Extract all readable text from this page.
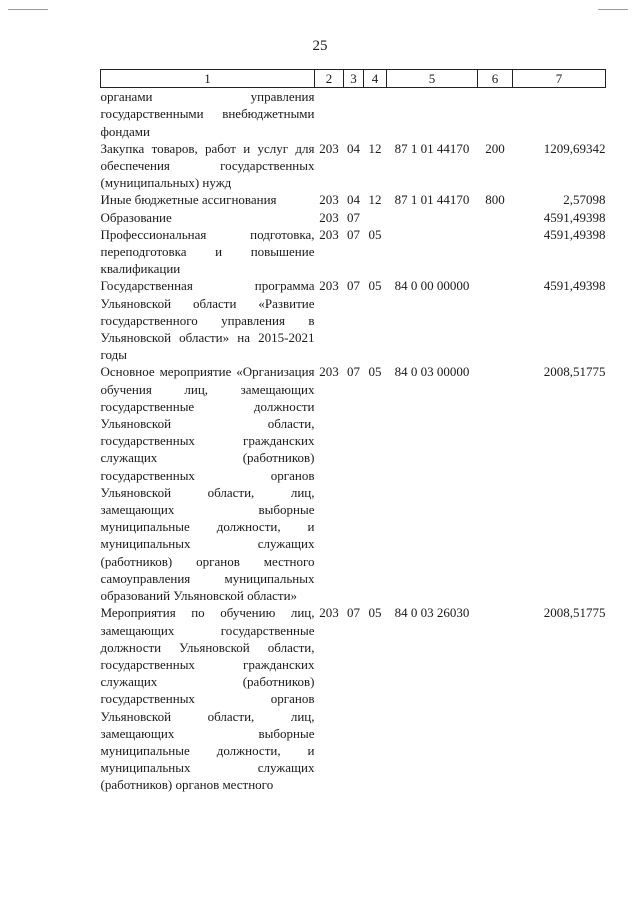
25
1	2	3	4	5	6	7
органами управления государственными внебюджетными фондами						
Закупка товаров, работ и услуг для обеспечения государственных (муниципальных) нужд	203	04	12	87 1 01 44170	200	1209,69342
Иные бюджетные ассигнования	203	04	12	87 1 01 44170	800	2,57098
Образование	203	07				4591,49398
Профессиональная подготовка, переподготовка и повышение квалификации	203	07	05			4591,49398
Государственная программа Ульяновской области «Развитие государственного управления в Ульяновской области» на 2015-2021 годы	203	07	05	84 0 00 00000		4591,49398
Основное мероприятие «Организация обучения лиц, замещающих государственные должности Ульяновской области, государственных гражданских служащих (работников) государственных органов Ульяновской области, лиц, замещающих выборные муниципальные должности, и муниципальных служащих (работников) органов местного самоуправления муниципальных образований Ульяновской области»	203	07	05	84 0 03 00000		2008,51775
Мероприятия по обучению лиц, замещающих государственные должности Ульяновской области, государственных гражданских служащих (работников) государственных органов Ульяновской области, лиц, замещающих выборные муниципальные должности, и муниципальных служащих (работников) органов местного	203	07	05	84 0 03 26030		2008,51775
